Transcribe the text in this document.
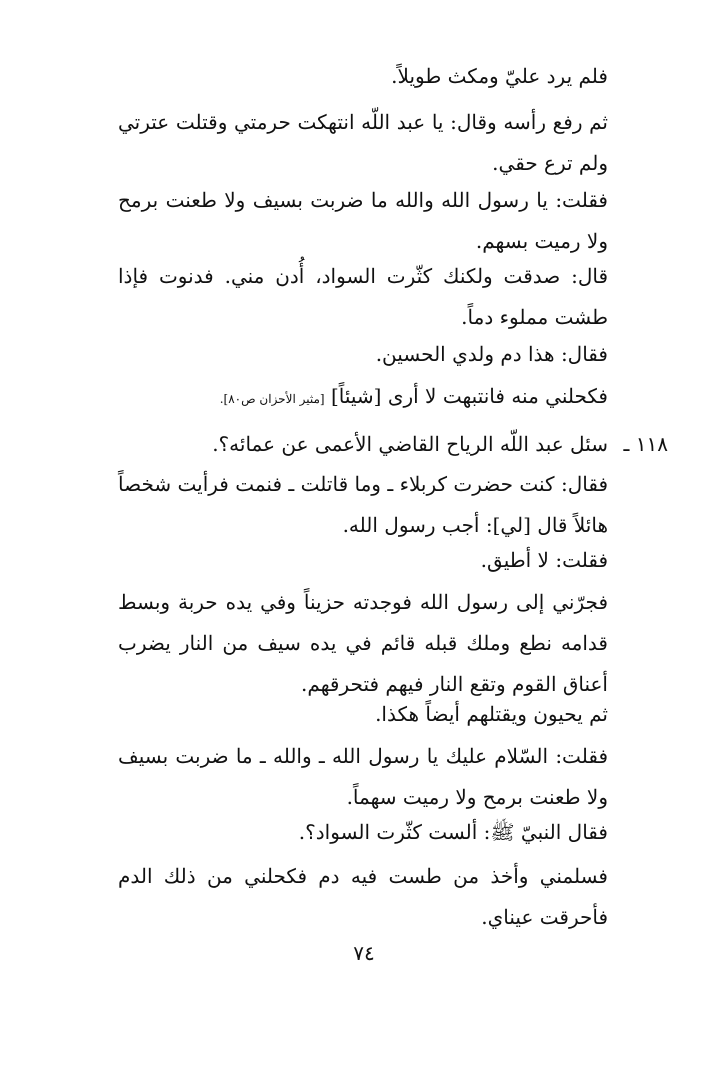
فلم يرد عليّ ومكث طويلاً.

ثم رفع رأسه وقال: يا عبد اللّه انتهكت حرمتي وقتلت عترتي ولم ترع حقي.

فقلت: يا رسول الله والله ما ضربت بسيف ولا طعنت برمح ولا رميت بسهم.

قال: صدقت ولكنك كثّرت السواد، أُدن مني. فدنوت فإذا طشت مملوء دماً.

فقال: هذا دم ولدي الحسين.

فكحلني منه فانتبهت لا أرى [شيئاً] [مثير الأحزان ص٨٠].

١١٨ ـ

سئل عبد اللّه الرياح القاضي الأعمى عن عمائه؟.

فقال: كنت حضرت كربلاء ـ وما قاتلت ـ فنمت فرأيت شخصاً هائلاً قال [لي]: أجب رسول الله.

فقلت: لا أطيق.

فجرّني إلى رسول الله فوجدته حزيناً وفي يده حربة وبسط قدامه نطع وملك قبله قائم في يده سيف من النار يضرب أعناق القوم وتقع النار فيهم فتحرقهم.

ثم يحيون ويقتلهم أيضاً هكذا.

فقلت: السّلام عليك يا رسول الله ـ والله ـ ما ضربت بسيف ولا طعنت برمح ولا رميت سهماً.

فقال النبيّ ﷺ: ألست كثّرت السواد؟.

فسلمني وأخذ من طست فيه دم فكحلني من ذلك الدم فأحرقت عيناي.

٧٤
